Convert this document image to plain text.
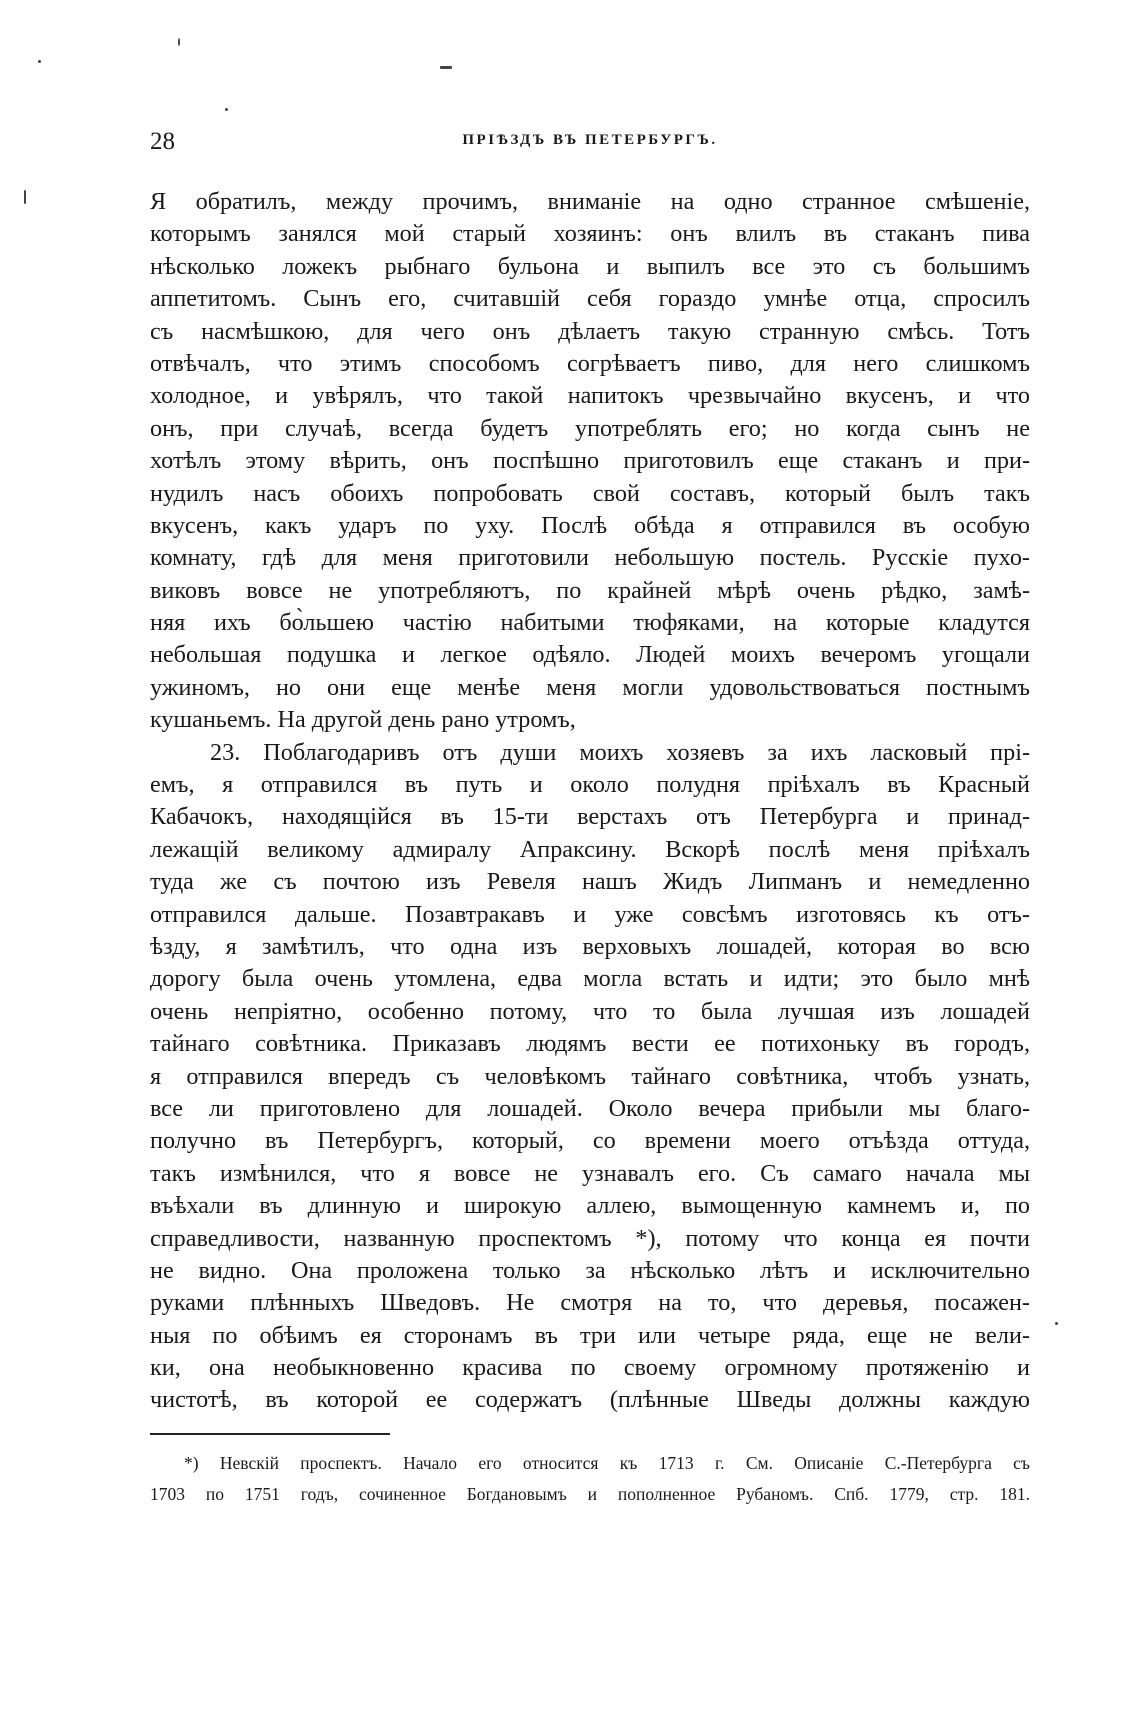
28	ПРІѢЗДЪ ВЪ ПЕТЕРБУРГЪ.
Я обратилъ, между прочимъ, вниманіе на одно странное смѣшеніе,
которымъ занялся мой старый хозяинъ: онъ влилъ въ стаканъ пива
нѣсколько ложекъ рыбнаго бульона и выпилъ все это съ большимъ
аппетитомъ. Сынъ его, считавшій себя гораздо умнѣе отца, спросилъ
съ насмѣшкою, для чего онъ дѣлаетъ такую странную смѣсь. Тотъ
отвѣчалъ, что этимъ способомъ согрѣваетъ пиво, для него слишкомъ
холодное, и увѣрялъ, что такой напитокъ чрезвычайно вкусенъ, и что
онъ, при случаѣ, всегда будетъ употреблять его; но когда сынъ не
хотѣлъ этому вѣрить, онъ поспѣшно приготовилъ еще стаканъ и при-
нудилъ насъ обоихъ попробовать свой составъ, который былъ такъ
вкусенъ, какъ ударъ по уху. Послѣ обѣда я отправился въ особую
комнату, гдѣ для меня приготовили небольшую постель. Русскіе пухо-
виковъ вовсе не употребляютъ, по крайней мѣрѣ очень рѣдко, замѣ-
няя ихъ бо̀льшею частію набитыми тюфяками, на которые кладутся
небольшая подушка и легкое одѣяло. Людей моихъ вечеромъ угощали
ужиномъ, но они еще менѣе меня могли удовольствоваться постнымъ
кушаньемъ. На другой день рано утромъ,
23. Поблагодаривъ отъ души моихъ хозяевъ за ихъ ласковый прі-
емъ, я отправился въ путь и около полудня пріѣхалъ въ Красный
Кабачокъ, находящійся въ 15-ти верстахъ отъ Петербурга и принад-
лежащій великому адмиралу Апраксину. Вскорѣ послѣ меня пріѣхалъ
туда же съ почтою изъ Ревеля нашъ Жидъ Липманъ и немедленно
отправился дальше. Позавтракавъ и уже совсѣмъ изготовясь къ отъ-
ѣзду, я замѣтилъ, что одна изъ верховыхъ лошадей, которая во всю
дорогу была очень утомлена, едва могла встать и идти; это было мнѣ
очень непріятно, особенно потому, что то была лучшая изъ лошадей
тайнаго совѣтника. Приказавъ людямъ вести ее потихоньку въ городъ,
я отправился впередъ съ человѣкомъ тайнаго совѣтника, чтобъ узнать,
все ли приготовлено для лошадей. Около вечера прибыли мы благо-
получно въ Петербургъ, который, со времени моего отъѣзда оттуда,
такъ измѣнился, что я вовсе не узнавалъ его. Съ самаго начала мы
въѣхали въ длинную и широкую аллею, вымощенную камнемъ и, по
справедливости, названную проспектомъ *), потому что конца ея почти
не видно. Она проложена только за нѣсколько лѣтъ и исключительно
руками плѣнныхъ Шведовъ. Не смотря на то, что деревья, посажен-
ныя по обѣимъ ея сторонамъ въ три или четыре ряда, еще не вели-
ки, она необыкновенно красива по своему огромному протяженію и
чистотѣ, въ которой ее содержатъ (плѣнные Шведы должны каждую
*) Невскій проспектъ. Начало его относится къ 1713 г. См. Описаніе С.-Петербурга съ
1703 по 1751 годъ, сочиненное Богдановымъ и пополненное Рубаномъ. Спб. 1779, стр. 181.
